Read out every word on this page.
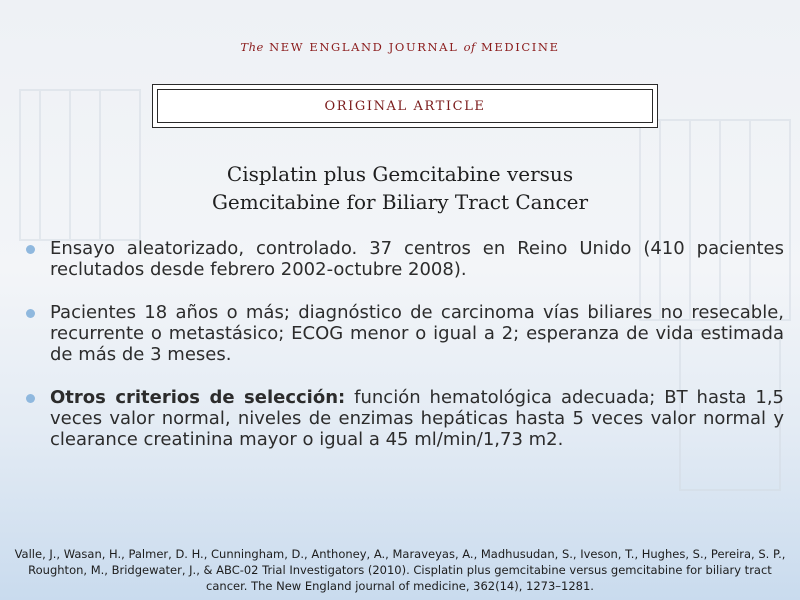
The NEW ENGLAND JOURNAL of MEDICINE
ORIGINAL ARTICLE
Cisplatin plus Gemcitabine versus
Gemcitabine for Biliary Tract Cancer
Ensayo aleatorizado, controlado. 37 centros en Reino Unido (410 pacientes reclutados desde febrero 2002-octubre 2008).
Pacientes 18 años o más; diagnóstico de carcinoma vías biliares no resecable, recurrente o metastásico; ECOG menor o igual a 2; esperanza de vida estimada de más de 3 meses.
Otros criterios de selección: función hematológica adecuada; BT hasta 1,5 veces valor normal, niveles de enzimas hepáticas hasta 5 veces valor normal y clearance creatinina mayor o igual a 45 ml/min/1,73 m2.
Valle, J., Wasan, H., Palmer, D. H., Cunningham, D., Anthoney, A., Maraveyas, A., Madhusudan, S., Iveson, T., Hughes, S., Pereira, S. P., Roughton, M., Bridgewater, J., & ABC-02 Trial Investigators (2010). Cisplatin plus gemcitabine versus gemcitabine for biliary tract cancer. The New England journal of medicine, 362(14), 1273–1281.
